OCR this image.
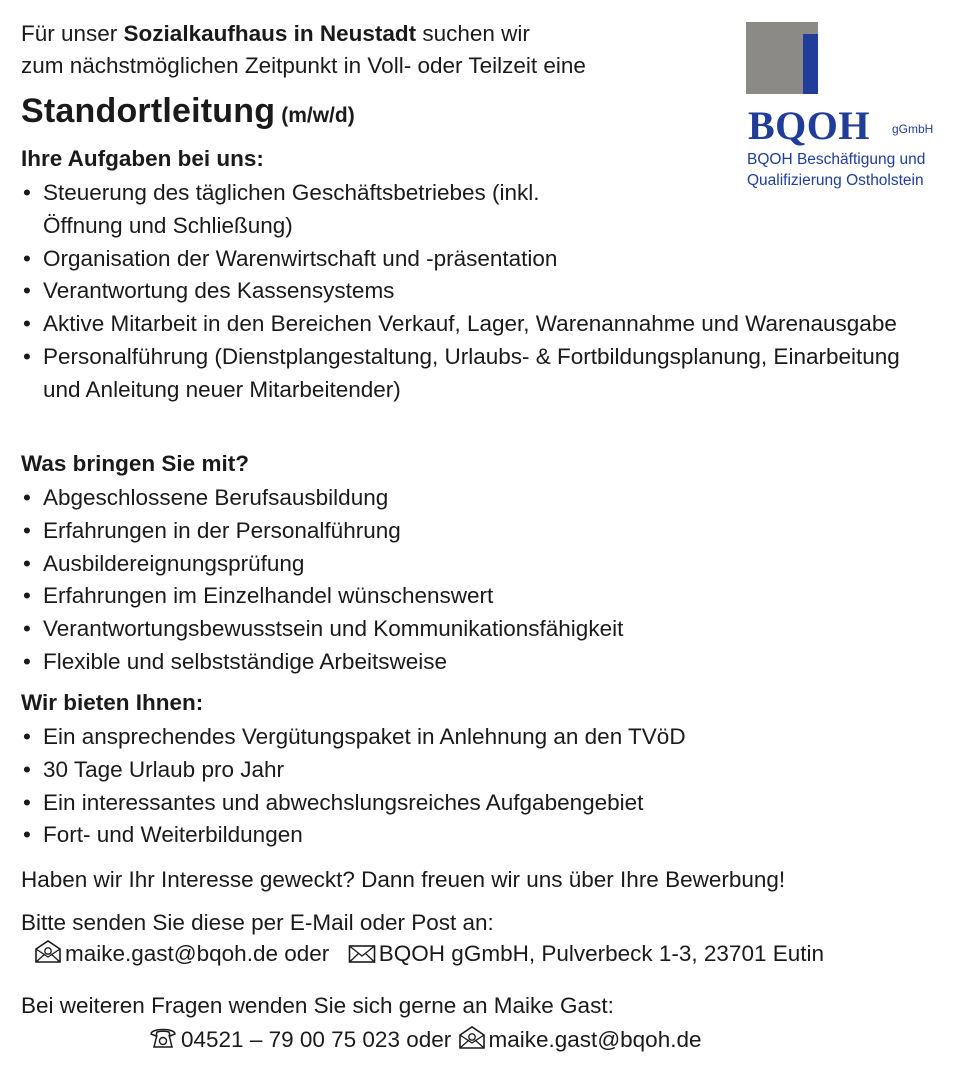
Für unser Sozialkaufhaus in Neustadt suchen wir
zum nächstmöglichen Zeitpunkt in Voll- oder Teilzeit eine
Standortleitung (m/w/d)	BQOH gGmbH
BQOH Beschäftigung und
Qualifizierung Ostholstein
Ihre Aufgaben bei uns:
• Steuerung des täglichen Geschäftsbetriebes (inkl. Öffnung und Schließung)
• Organisation der Warenwirtschaft und -präsentation
• Verantwortung des Kassensystems
• Aktive Mitarbeit in den Bereichen Verkauf, Lager, Warenannahme und Warenausgabe
• Personalführung (Dienstplangestaltung, Urlaubs- & Fortbildungsplanung, Einarbeitung und Anleitung neuer Mitarbeitender)
Was bringen Sie mit?
• Abgeschlossene Berufsausbildung
• Erfahrungen in der Personalführung
• Ausbildereignungsprüfung
• Erfahrungen im Einzelhandel wünschenswert
• Verantwortungsbewusstsein und Kommunikationsfähigkeit
• Flexible und selbstständige Arbeitsweise
Wir bieten Ihnen:
• Ein ansprechendes Vergütungspaket in Anlehnung an den TVöD
• 30 Tage Urlaub pro Jahr
• Ein interessantes und abwechslungsreiches Aufgabengebiet
• Fort- und Weiterbildungen
Haben wir Ihr Interesse geweckt? Dann freuen wir uns über Ihre Bewerbung!
Bitte senden Sie diese per E-Mail oder Post an:
maike.gast@bqoh.de oder  BQOH gGmbH, Pulverbeck 1-3, 23701 Eutin
Bei weiteren Fragen wenden Sie sich gerne an Maike Gast:
04521 – 79 00 75 023 oder maike.gast@bqoh.de
